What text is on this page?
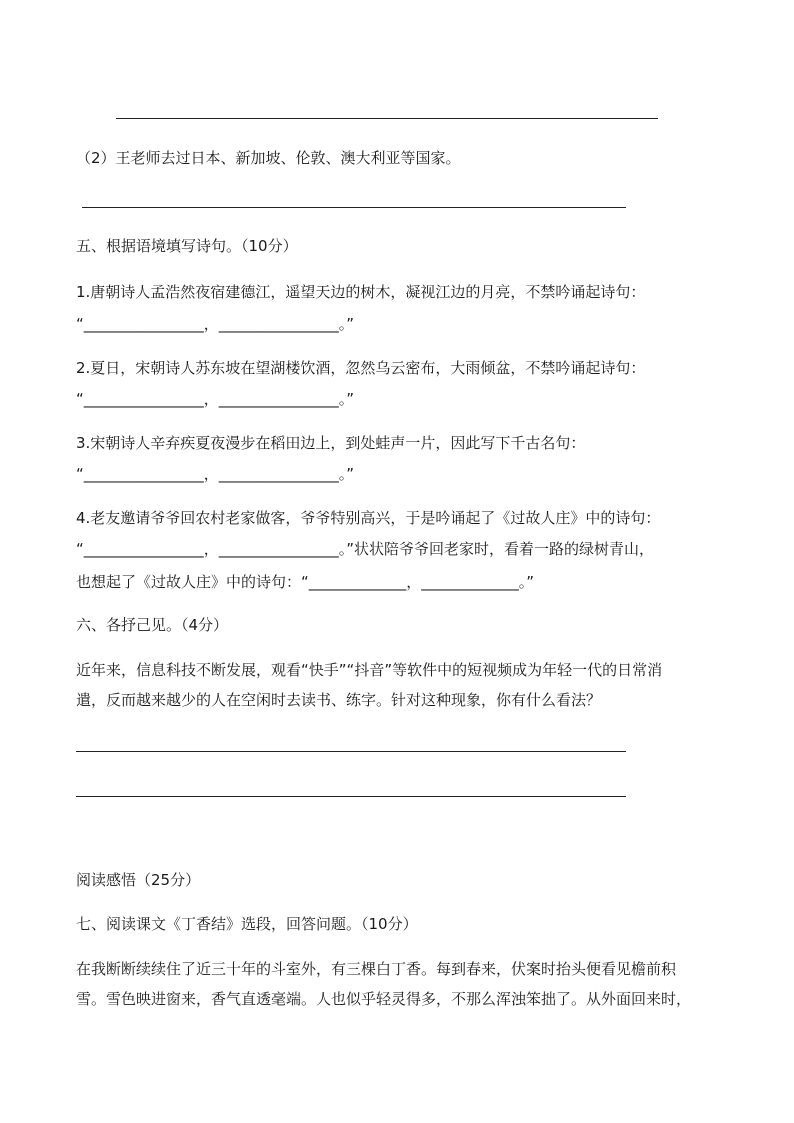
（2）王老师去过日本、新加坡、伦敦、澳大利亚等国家。
五、根据语境填写诗句。（10分）
1.唐朝诗人孟浩然夜宿建德江，遥望天边的树木，凝视江边的月亮，不禁吟诵起诗句：
“________________，________________。”
2.夏日，宋朝诗人苏东坡在望湖楼饮酒，忽然乌云密布，大雨倾盆，不禁吟诵起诗句：
“________________，________________。”
3.宋朝诗人辛弃疾夏夜漫步在稻田边上，到处蛙声一片，因此写下千古名句：
“________________，________________。”
4.老友邀请爷爷回农村老家做客，爷爷特别高兴，于是吟诵起了《过故人庄》中的诗句：
“________________，________________。”状状陪爷爷回老家时，看着一路的绿树青山，
也想起了《过故人庄》中的诗句：“_____________，_____________。”
六、各抒己见。（4分）
近年来，信息科技不断发展，观看“快手”“抖音”等软件中的短视频成为年轻一代的日常消
遣，反而越来越少的人在空闲时去读书、练字。针对这种现象，你有什么看法？
阅读感悟（25分）
七、阅读课文《丁香结》选段，回答问题。（10分）
在我断断续续住了近三十年的斗室外，有三棵白丁香。每到春来，伏案时抬头便看见檐前积
雪。雪色映进窗来，香气直透毫端。人也似乎轻灵得多，不那么浑浊笨拙了。从外面回来时，
